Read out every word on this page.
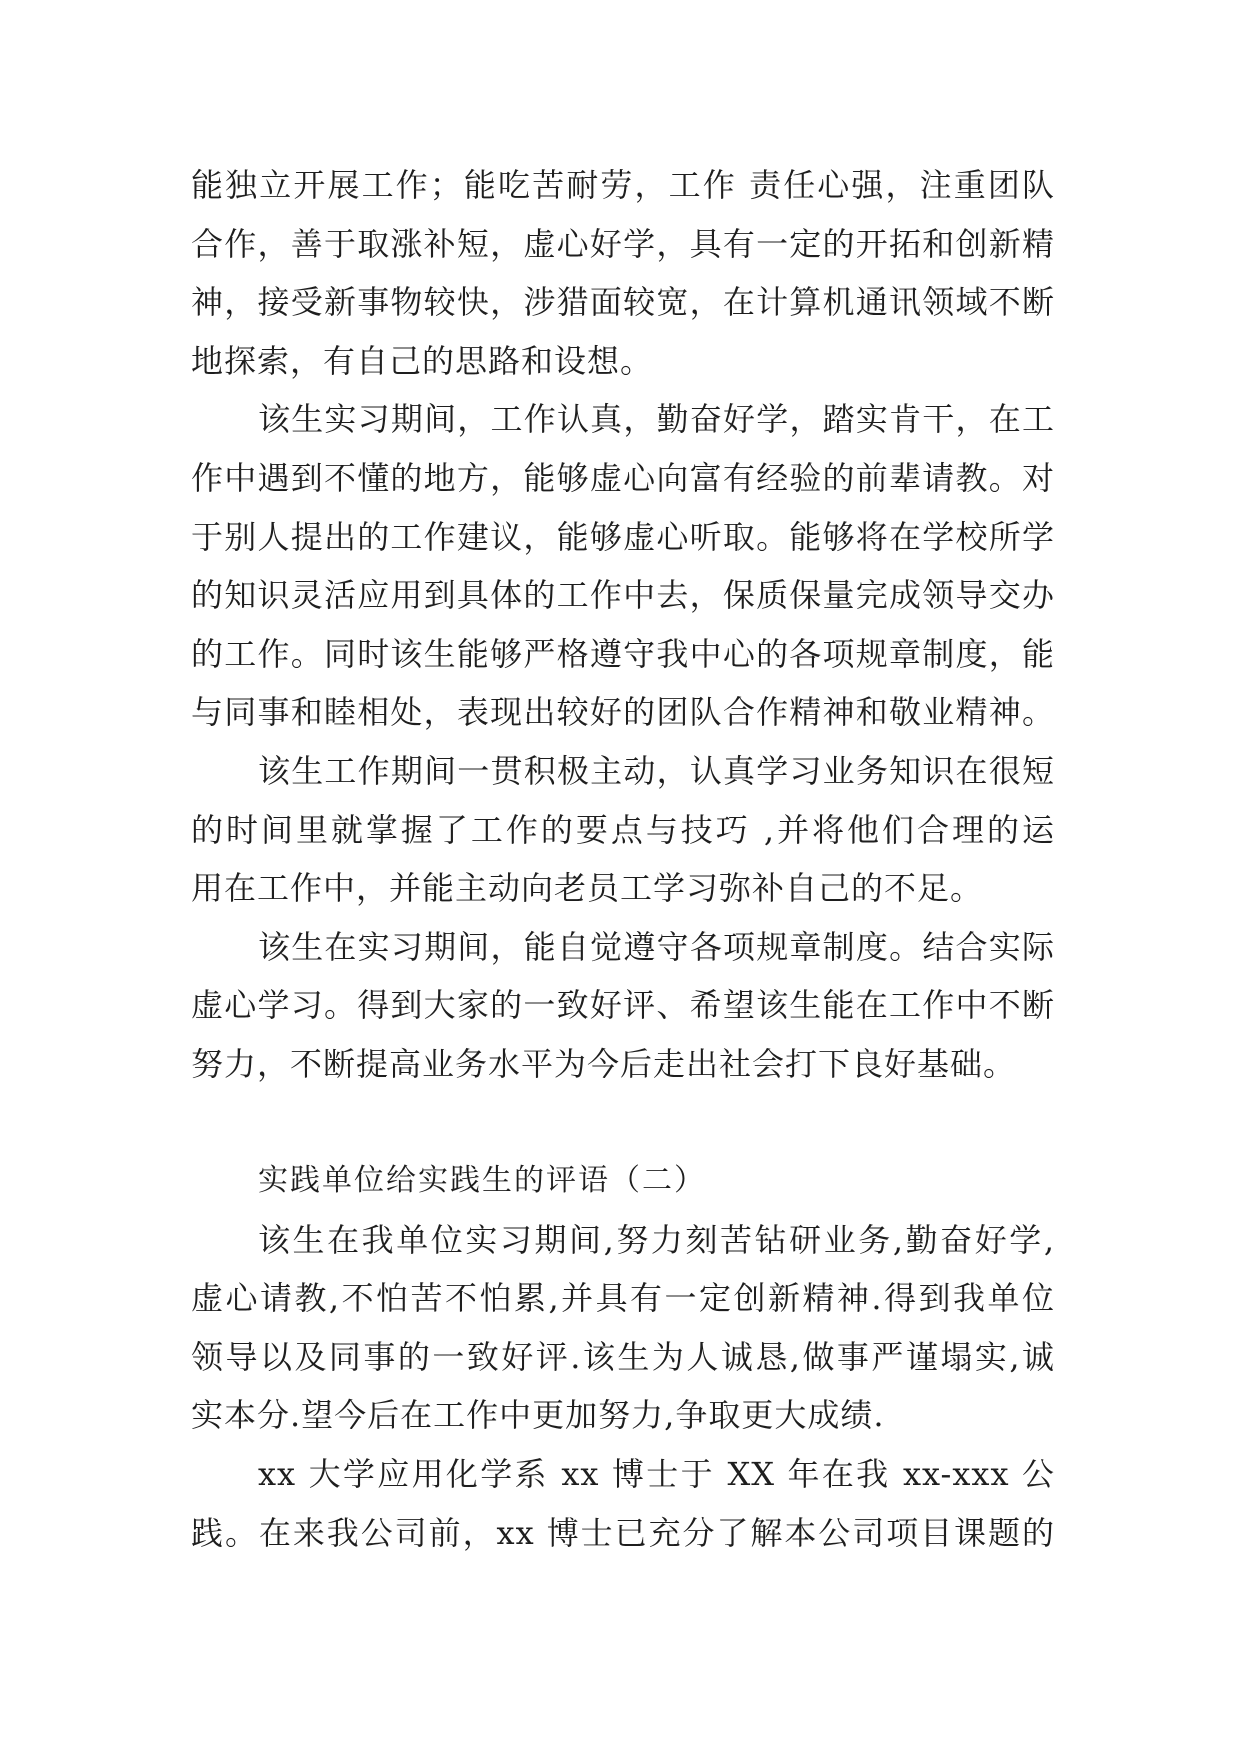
能独立开展工作；能吃苦耐劳，工作 责任心强，注重团队
合作，善于取涨补短，虚心好学，具有一定的开拓和创新精
神，接受新事物较快，涉猎面较宽，在计算机通讯领域不断
地探索，有自己的思路和设想。
该生实习期间，工作认真，勤奋好学，踏实肯干，在工
作中遇到不懂的地方，能够虚心向富有经验的前辈请教。对
于别人提出的工作建议，能够虚心听取。能够将在学校所学
的知识灵活应用到具体的工作中去，保质保量完成领导交办
的工作。同时该生能够严格遵守我中心的各项规章制度，能
与同事和睦相处，表现出较好的团队合作精神和敬业精神。
该生工作期间一贯积极主动，认真学习业务知识在很短
的时间里就掌握了工作的要点与技巧 ,并将他们合理的运
用在工作中，并能主动向老员工学习弥补自己的不足。
该生在实习期间，能自觉遵守各项规章制度。结合实际
虚心学习。得到大家的一致好评、希望该生能在工作中不断
努力，不断提高业务水平为今后走出社会打下良好基础。
实践单位给实践生的评语（二）
该生在我单位实习期间,努力刻苦钻研业务,勤奋好学,
虚心请教,不怕苦不怕累,并具有一定创新精神.得到我单位
领导以及同事的一致好评.该生为人诚恳,做事严谨塌实,诚
实本分.望今后在工作中更加努力,争取更大成绩.
xx 大学应用化学系 xx 博士于 XX 年在我 xx-xxx 公
践。在来我公司前，xx 博士已充分了解本公司项目课题的
